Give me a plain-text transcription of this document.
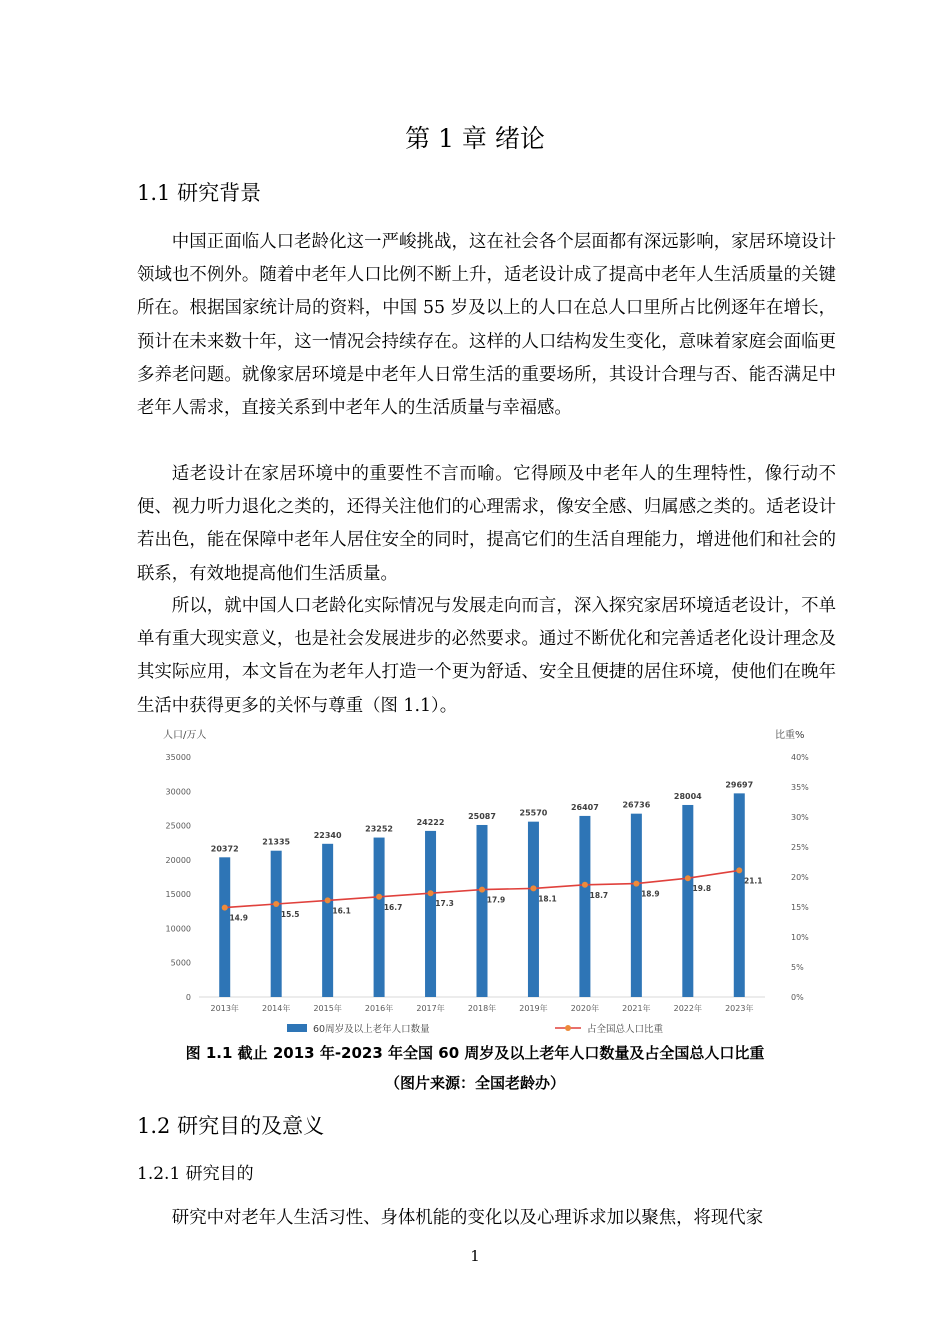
第 1 章 绪论
1.1 研究背景

中国正面临人口老龄化这一严峻挑战，这在社会各个层面都有深远影响，家居环境设计领域也不例外。随着中老年人口比例不断上升，适老设计成了提高中老年人生活质量的关键所在。根据国家统计局的资料，中国 55 岁及以上的人口在总人口里所占比例逐年在增长，预计在未来数十年，这一情况会持续存在。这样的人口结构发生变化，意味着家庭会面临更多养老问题。就像家居环境是中老年人日常生活的重要场所，其设计合理与否、能否满足中老年人需求，直接关系到中老年人的生活质量与幸福感。

适老设计在家居环境中的重要性不言而喻。它得顾及中老年人的生理特性，像行动不便、视力听力退化之类的，还得关注他们的心理需求，像安全感、归属感之类的。适老设计若出色，能在保障中老年人居住安全的同时，提高它们的生活自理能力，增进他们和社会的联系，有效地提高他们生活质量。

所以，就中国人口老龄化实际情况与发展走向而言，深入探究家居环境适老设计，不单单有重大现实意义，也是社会发展进步的必然要求。通过不断优化和完善适老化设计理念及其实际应用，本文旨在为老年人打造一个更为舒适、安全且便捷的居住环境，使他们在晚年生活中获得更多的关怀与尊重（图 1.1）。

人口/万人	比重%
0
5000
10000
15000
20000
25000
30000
35000
0%
5%
10%
15%
20%
25%
30%
35%
40%
20372
2013年
21335
2014年
22340
2015年
23252
2016年
24222
2017年
25087
2018年
25570
2019年
26407
2020年
26736
2021年
28004
2022年
29697
2023年
14.9	15.5	16.1	16.7	17.3	17.9	18.1	18.7	18.9
19.8
21.1
60周岁及以上老年人口数量	占全国总人口比重
图 1.1 截止 2013 年-2023 年全国 60 周岁及以上老年人口数量及占全国总人口比重
（图片来源：全国老龄办）
1.2 研究目的及意义
1.2.1 研究目的

研究中对老年人生活习性、身体机能的变化以及心理诉求加以聚焦，将现代家

1
